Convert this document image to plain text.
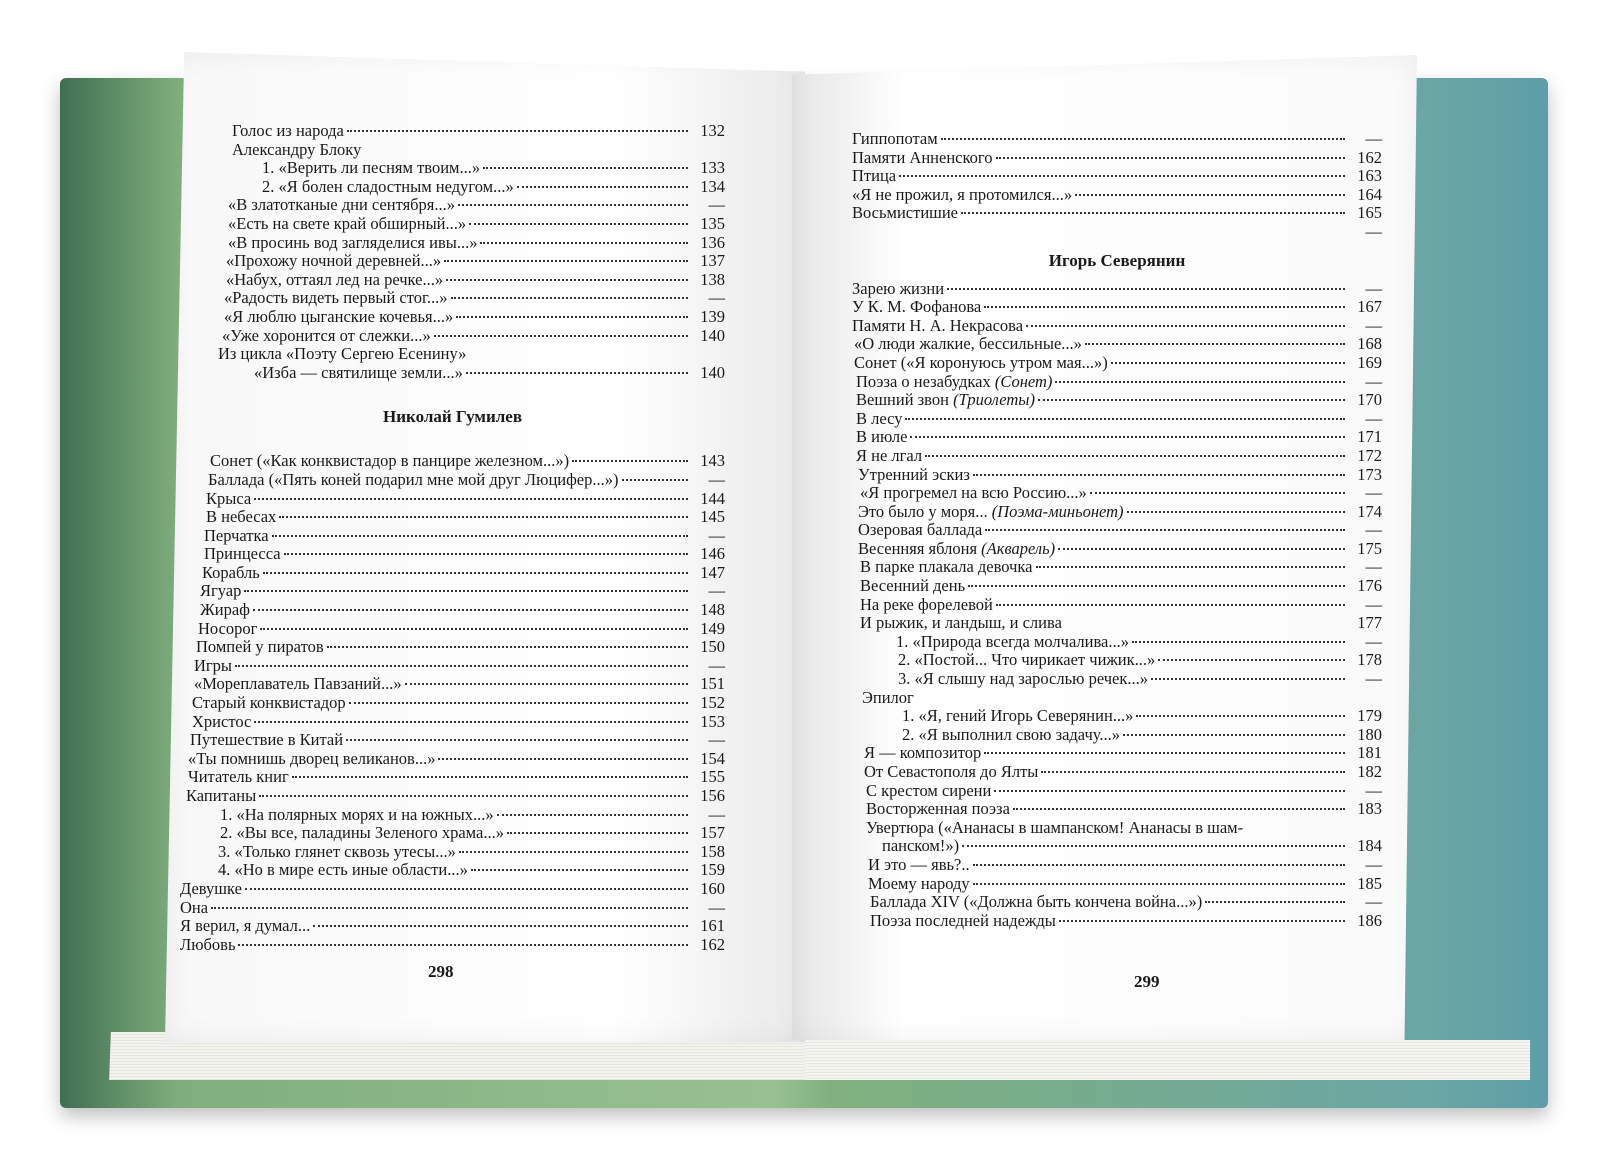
Голос из народа	132
Александру Блоку
1. «Верить ли песням твоим...»	133
2. «Я болен сладостным недугом...»	134
«В златотканые дни сентября...»	—
«Есть на свете край обширный...»	135
«В просинь вод загляделися ивы...»	136
«Прохожу ночной деревней...»	137
«Набух, оттаял лед на речке...»	138
«Радость видеть первый стог...»	—
«Я люблю цыганские кочевья...»	139
«Уже хоронится от слежки...»	140
Из цикла «Поэту Сергею Есенину»
«Изба — святилище земли...»	140
Николай Гумилев
Сонет («Как конквистадор в панцире железном...»)	143
Баллада («Пять коней подарил мне мой друг Люцифер...»)	—
Крыса	144
В небесах	145
Перчатка	—
Принцесса	146
Корабль	147
Ягуар	—
Жираф	148
Носорог	149
Помпей у пиратов	150
Игры	—
«Мореплаватель Павзаний...»	151
Старый конквистадор	152
Христос	153
Путешествие в Китай	—
«Ты помнишь дворец великанов...»	154
Читатель книг	155
Капитаны	156
1. «На полярных морях и на южных...»	—
2. «Вы все, паладины Зеленого храма...»	157
3. «Только глянет сквозь утесы...»	158
4. «Но в мире есть иные области...»	159
Девушке	160
Она	—
Я верил, я думал...	161
Любовь	162
Гиппопотам	—
Памяти Анненского	162
Птица	163
«Я не прожил, я протомился...»	164
Восьмистишие	165
—
Игорь Северянин
Зарею жизни	—
У К. М. Фофанова	167
Памяти Н. А. Некрасова	—
«О люди жалкие, бессильные...»	168
Сонет («Я коронуюсь утром мая...»)	169
Поэза о незабудках (Сонет)	—
Вешний звон (Триолеты)	170
В лесу	—
В июле	171
Я не лгал	172
Утренний эскиз	173
«Я прогремел на всю Россию...»	—
Это было у моря... (Поэма-миньонет)	174
Озеровая баллада	—
Весенняя яблоня (Акварель)	175
В парке плакала девочка	—
Весенний день	176
На реке форелевой	—
И рыжик, и ландыш, и слива	177
1. «Природа всегда молчалива...»	—
2. «Постой... Что чирикает чижик...»	178
3. «Я слышу над зарослью речек...»	—
Эпилог
1. «Я, гений Игорь Северянин...»	179
2. «Я выполнил свою задачу...»	180
Я — композитор	181
От Севастополя до Ялты	182
С крестом сирени	—
Восторженная поэза	183
Увертюра («Ананасы в шампанском! Ананасы в шам-
панском!»)	184
И это — явь?..	—
Моему народу	185
Баллада XIV («Должна быть кончена война...»)	—
Поэза последней надежды	186
298
299
